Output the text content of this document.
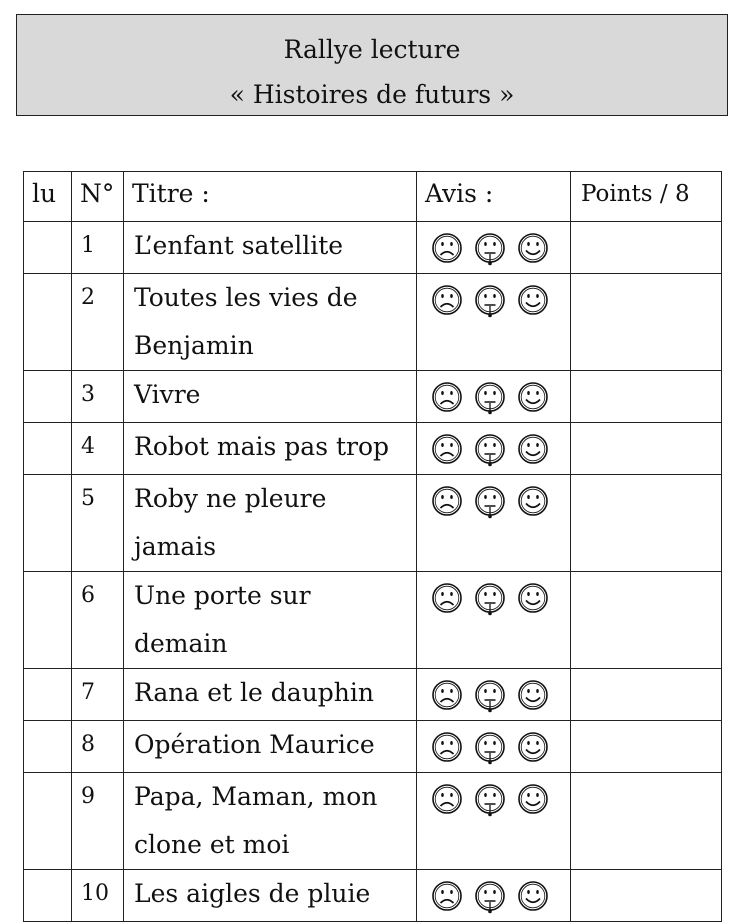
Rallye lecture
« Histoires de futurs »
lu	N°	Titre :	Avis :	Points / 8

	1	L’enfant satellite

	2	Toutes les vies de Benjamin

	3	Vivre

	4	Robot mais pas trop

	5	Roby ne pleure jamais

	6	Une porte sur demain

	7	Rana et le dauphin

	8	Opération Maurice

	9	Papa, Maman, mon clone et moi

	10	Les aigles de pluie
